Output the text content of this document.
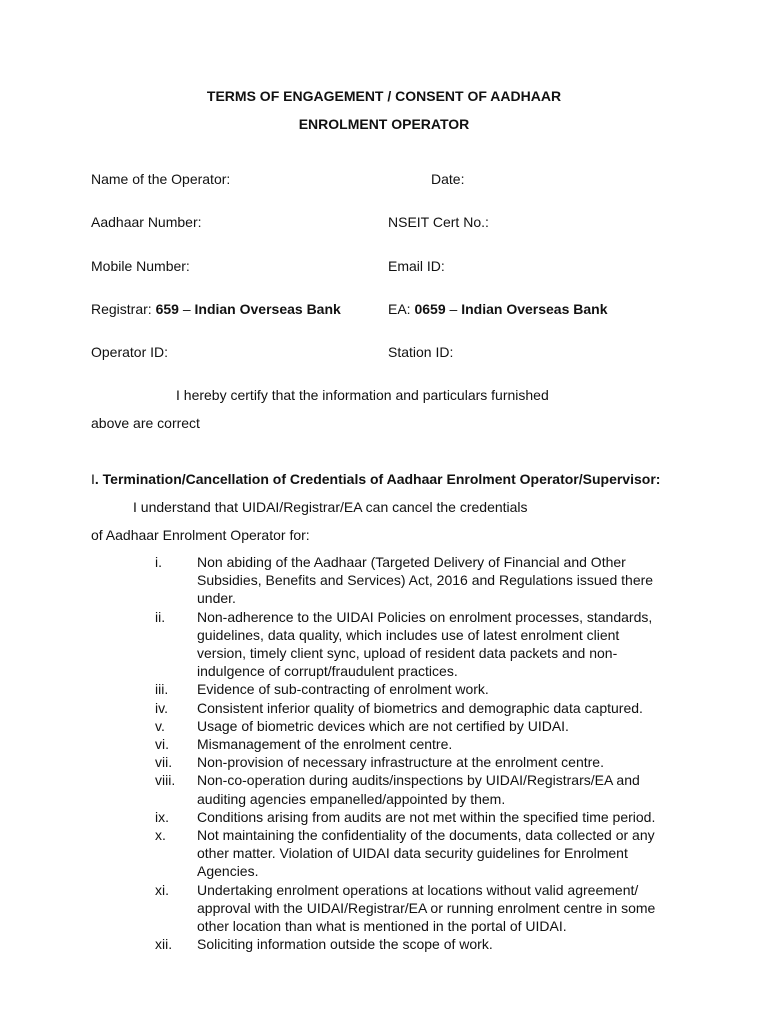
TERMS OF ENGAGEMENT / CONSENT OF AADHAAR
ENROLMENT OPERATOR
Name of the Operator:	Date:
Aadhaar Number:	NSEIT Cert No.:
Mobile Number:	Email ID:
Registrar: 659 – Indian Overseas Bank	EA: 0659 – Indian Overseas Bank
Operator ID:	Station ID:
I hereby certify that the information and particulars furnished
above are correct
I. Termination/Cancellation of Credentials of Aadhaar Enrolment Operator/Supervisor:
I understand that UIDAI/Registrar/EA can cancel the credentials
of Aadhaar Enrolment Operator for:
i.	Non abiding of the Aadhaar (Targeted Delivery of Financial and Other Subsidies, Benefits and Services) Act, 2016 and Regulations issued there under.
ii.	Non-adherence to the UIDAI Policies on enrolment processes, standards, guidelines, data quality, which includes use of latest enrolment client version, timely client sync, upload of resident data packets and non-indulgence of corrupt/fraudulent practices.
iii.	Evidence of sub-contracting of enrolment work.
iv.	Consistent inferior quality of biometrics and demographic data captured.
v.	Usage of biometric devices which are not certified by UIDAI.
vi.	Mismanagement of the enrolment centre.
vii.	Non-provision of necessary infrastructure at the enrolment centre.
viii.	Non-co-operation during audits/inspections by UIDAI/Registrars/EA and auditing agencies empanelled/appointed by them.
ix.	Conditions arising from audits are not met within the specified time period.
x.	Not maintaining the confidentiality of the documents, data collected or any other matter. Violation of UIDAI data security guidelines for Enrolment Agencies.
xi.	Undertaking enrolment operations at locations without valid agreement/ approval with the UIDAI/Registrar/EA or running enrolment centre in some other location than what is mentioned in the portal of UIDAI.
xii.	Soliciting information outside the scope of work.
